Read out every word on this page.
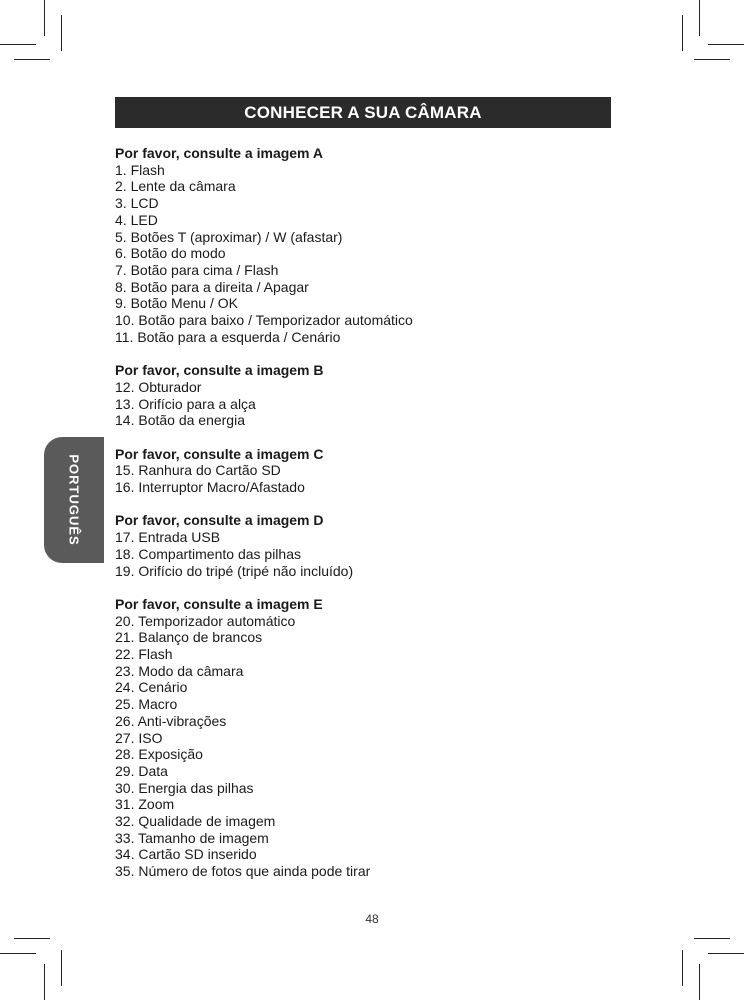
CONHECER A SUA CÂMARA
PORTUGUÊS
Por favor, consulte a imagem A
1. Flash
2. Lente da câmara
3. LCD
4. LED
5. Botões T (aproximar) / W (afastar)
6. Botão do modo
7. Botão para cima / Flash
8. Botão para a direita / Apagar
9. Botão Menu / OK
10. Botão para baixo / Temporizador automático
11. Botão para a esquerda / Cenário
Por favor, consulte a imagem B
12. Obturador
13. Orifício para a alça
14. Botão da energia
Por favor, consulte a imagem C
15. Ranhura do Cartão SD
16. Interruptor Macro/Afastado
Por favor, consulte a imagem D
17. Entrada USB
18. Compartimento das pilhas
19. Orifício do tripé (tripé não incluído)
Por favor, consulte a imagem E
20. Temporizador automático
21. Balanço de brancos
22. Flash
23. Modo da câmara
24. Cenário
25. Macro
26. Anti-vibrações
27. ISO
28. Exposição
29. Data
30. Energia das pilhas
31. Zoom
32. Qualidade de imagem
33. Tamanho de imagem
34. Cartão SD inserido
35. Número de fotos que ainda pode tirar
48
